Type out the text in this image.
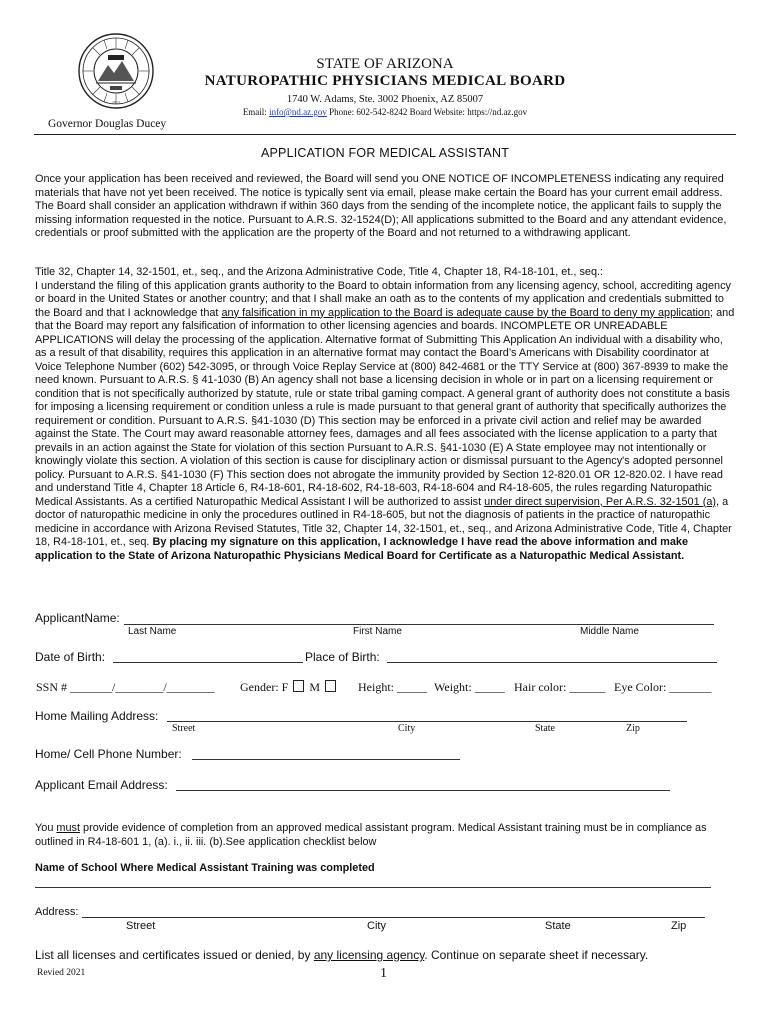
1912
STATE OF ARIZONA
NATUROPATHIC PHYSICIANS MEDICAL BOARD
1740 W. Adams, Ste. 3002 Phoenix, AZ 85007
Email: info@nd.az.gov Phone: 602-542-8242 Board Website: https://nd.az.gov
Governor Douglas Ducey
APPLICATION FOR MEDICAL ASSISTANT
Once your application has been received and reviewed, the Board will send you ONE NOTICE OF INCOMPLETENESS indicating any required materials that have not yet been received. The notice is typically sent via email, please make certain the Board has your current email address. The Board shall consider an application withdrawn if within 360 days from the sending of the incomplete notice, the applicant fails to supply the missing information requested in the notice. Pursuant to A.R.S. 32-1524(D); All applications submitted to the Board and any attendant evidence, credentials or proof submitted with the application are the property of the Board and not returned to a withdrawing applicant.
Title 32, Chapter 14, 32-1501, et., seq., and the Arizona Administrative Code, Title 4, Chapter 18, R4-18-101, et., seq.:
I understand the filing of this application grants authority to the Board to obtain information from any licensing agency, school, accrediting agency or board in the United States or another country; and that I shall make an oath as to the contents of my application and credentials submitted to the Board and that I acknowledge that any falsification in my application to the Board is adequate cause by the Board to deny my application; and that the Board may report any falsification of information to other licensing agencies and boards. INCOMPLETE OR UNREADABLE APPLICATIONS will delay the processing of the application. Alternative format of Submitting This Application An individual with a disability who, as a result of that disability, requires this application in an alternative format may contact the Board’s Americans with Disability coordinator at Voice Telephone Number (602) 542-3095, or through Voice Replay Service at (800) 842-4681 or the TTY Service at (800) 367-8939 to make the need known. Pursuant to A.R.S. § 41-1030 (B) An agency shall not base a licensing decision in whole or in part on a licensing requirement or condition that is not specifically authorized by statute, rule or state tribal gaming compact. A general grant of authority does not constitute a basis for imposing a licensing requirement or condition unless a rule is made pursuant to that general grant of authority that specifically authorizes the requirement or condition. Pursuant to A.R.S. §41-1030 (D) This section may be enforced in a private civil action and relief may be awarded against the State. The Court may award reasonable attorney fees, damages and all fees associated with the license application to a party that prevails in an action against the State for violation of this section Pursuant to A.R.S. §41-1030 (E) A State employee may not intentionally or knowingly violate this section. A violation of this section is cause for disciplinary action or dismissal pursuant to the Agency's adopted personnel policy. Pursuant to A.R.S. §41-1030 (F) This section does not abrogate the immunity provided by Section 12-820.01 OR 12-820.02. I have read and understand Title 4, Chapter 18 Article 6, R4-18-601, R4-18-602, R4-18-603, R4-18-604 and R4-18-605, the rules regarding Naturopathic Medical Assistants. As a certified Naturopathic Medical Assistant I will be authorized to assist under direct supervision, Per A.R.S. 32-1501 (a), a doctor of naturopathic medicine in only the procedures outlined in R4-18-605, but not the diagnosis of patients in the practice of naturopathic medicine in accordance with Arizona Revised Statutes, Title 32, Chapter 14, 32-1501, et., seq., and Arizona Administrative Code, Title 4, Chapter 18, R4-18-101, et., seq. By placing my signature on this application, I acknowledge I have read the above information and make application to the State of Arizona Naturopathic Physicians Medical Board for Certificate as a Naturopathic Medical Assistant.
ApplicantName:
Last Name	First Name	Middle Name
Date of Birth:	Place of Birth:
SSN # _______/________/________ Gender: F M	Height: _____ Weight: _____ Hair color: ______ Eye Color: _______
Home Mailing Address:
Street	City	State	Zip
Home/ Cell Phone Number:
Applicant Email Address:
You must provide evidence of completion from an approved medical assistant program. Medical Assistant training must be in compliance as outlined in R4-18-601 1, (a). i., ii. iii. (b).See application checklist below
Name of School Where Medical Assistant Training was completed
Address:
Street	City	State	Zip
List all licenses and certificates issued or denied, by any licensing agency. Continue on separate sheet if necessary.
Revied 2021	1
